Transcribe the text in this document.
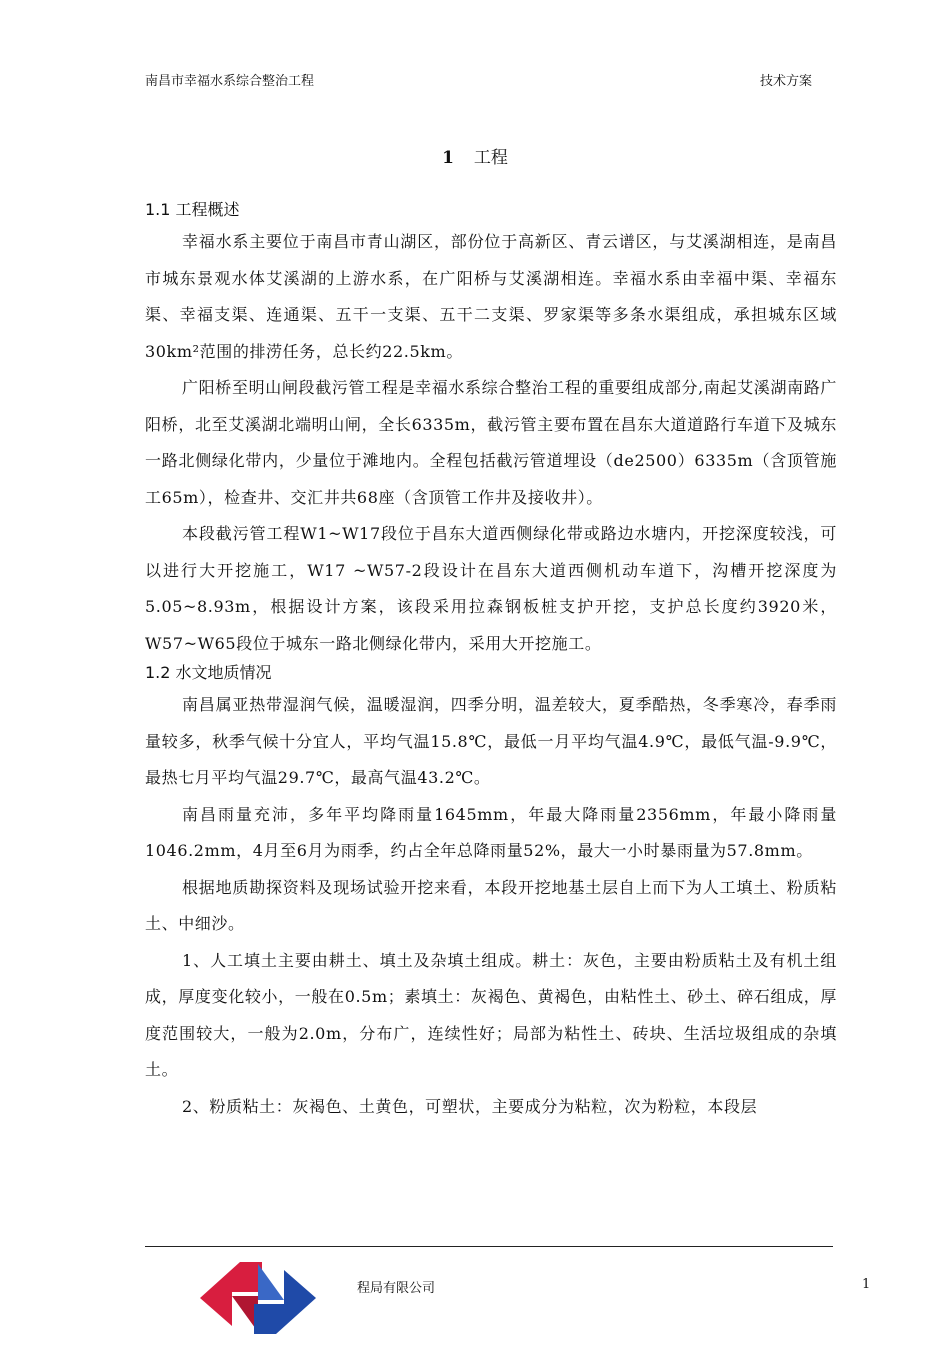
南昌市幸福水系综合整治工程	技术方案
1 工程
1.1 工程概述

幸福水系主要位于南昌市青山湖区，部份位于高新区、青云谱区，与艾溪湖相连，是南昌市城东景观水体艾溪湖的上游水系，在广阳桥与艾溪湖相连。幸福水系由幸福中渠、幸福东渠、幸福支渠、连通渠、五干一支渠、五干二支渠、罗家渠等多条水渠组成，承担城东区域30km²范围的排涝任务，总长约22.5km。

广阳桥至明山闸段截污管工程是幸福水系综合整治工程的重要组成部分,南起艾溪湖南路广阳桥，北至艾溪湖北端明山闸，全长6335m，截污管主要布置在昌东大道道路行车道下及城东一路北侧绿化带内，少量位于滩地内。全程包括截污管道埋设（de2500）6335m（含顶管施工65m），检查井、交汇井共68座（含顶管工作井及接收井）。

本段截污管工程W1~W17段位于昌东大道西侧绿化带或路边水塘内，开挖深度较浅，可以进行大开挖施工，W17 ~W57-2段设计在昌东大道西侧机动车道下，沟槽开挖深度为5.05~8.93m，根据设计方案，该段采用拉森钢板桩支护开挖，支护总长度约3920米，W57~W65段位于城东一路北侧绿化带内，采用大开挖施工。

1.2 水文地质情况

南昌属亚热带湿润气候，温暖湿润，四季分明，温差较大，夏季酷热，冬季寒冷，春季雨量较多，秋季气候十分宜人，平均气温15.8℃，最低一月平均气温4.9℃，最低气温-9.9℃，最热七月平均气温29.7℃，最高气温43.2℃。

南昌雨量充沛，多年平均降雨量1645mm，年最大降雨量2356mm，年最小降雨量1046.2mm，4月至6月为雨季，约占全年总降雨量52%，最大一小时暴雨量为57.8mm。

根据地质勘探资料及现场试验开挖来看，本段开挖地基土层自上而下为人工填土、粉质粘土、中细沙。

1、人工填土主要由耕土、填土及杂填土组成。耕土：灰色，主要由粉质粘土及有机土组成，厚度变化较小，一般在0.5m；素填土：灰褐色、黄褐色，由粘性土、砂土、碎石组成，厚度范围较大，一般为2.0m，分布广，连续性好；局部为粘性土、砖块、生活垃圾组成的杂填土。

2、粉质粘土：灰褐色、土黄色，可塑状，主要成分为粘粒，次为粉粒，本段层

程局有限公司	1
